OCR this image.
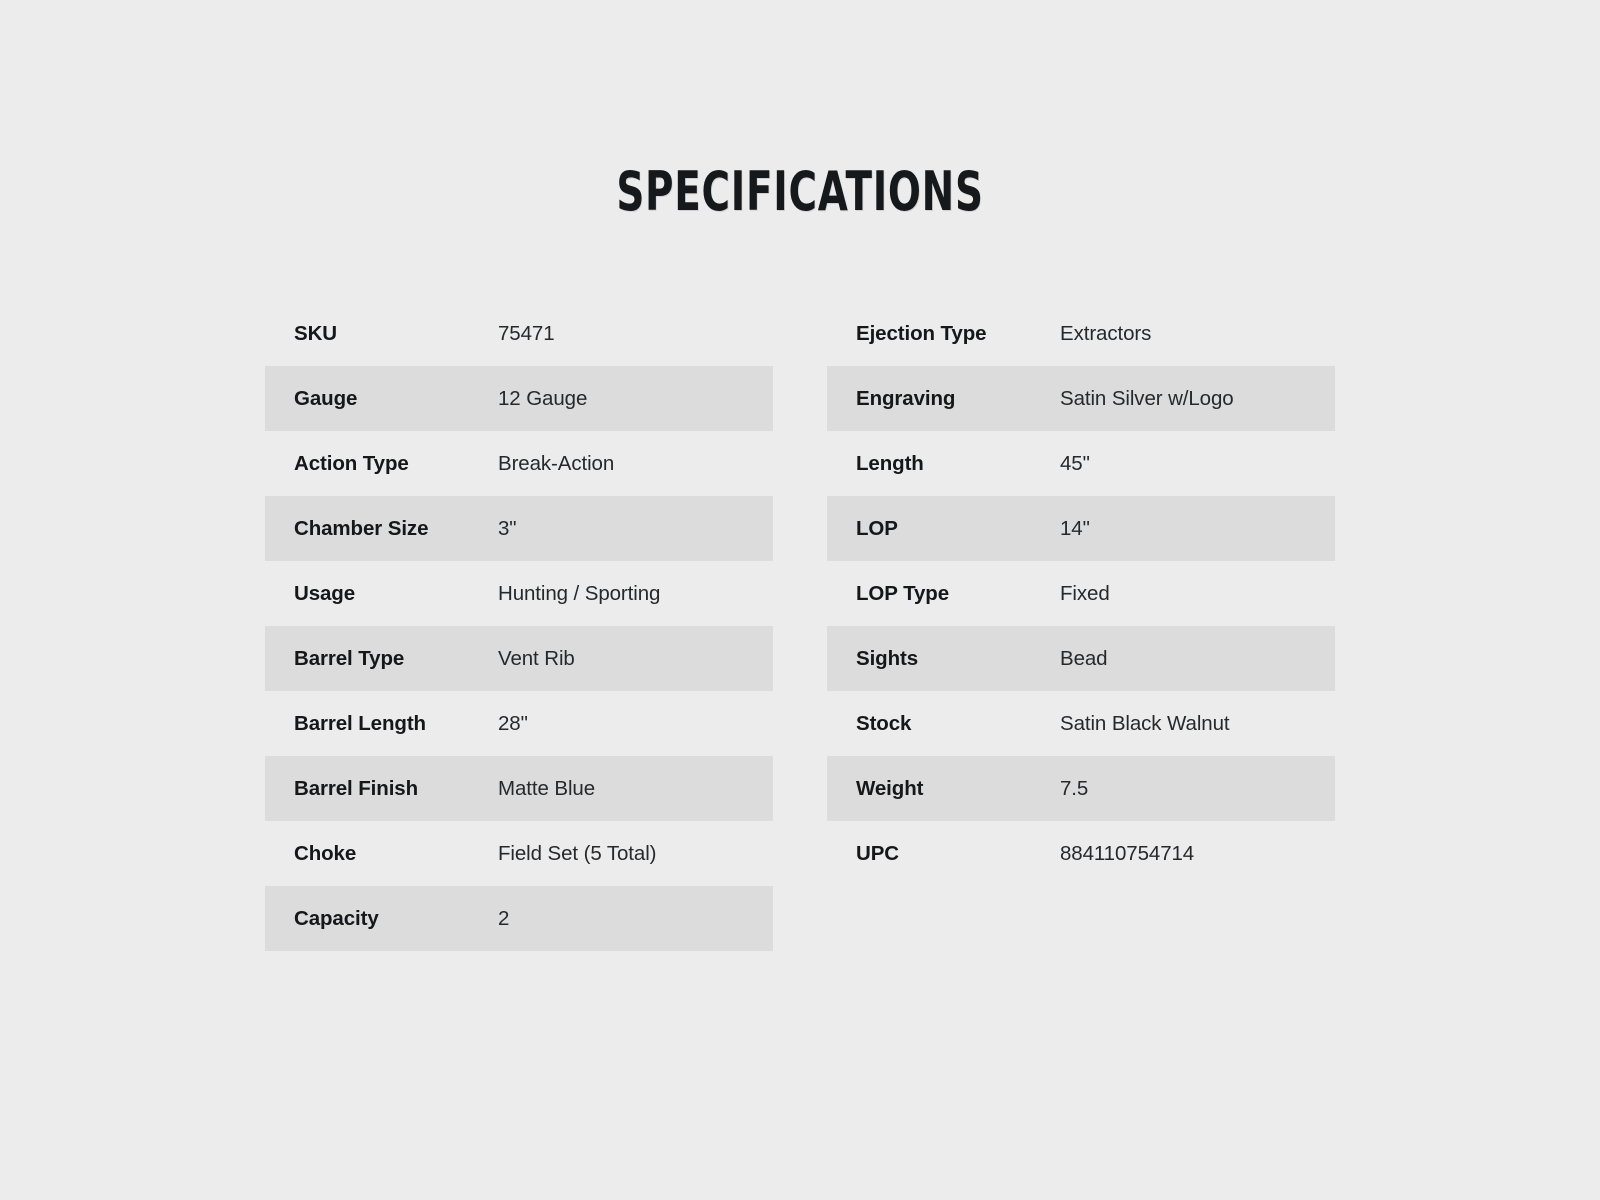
SPECIFICATIONS
SKU	75471
Gauge	12 Gauge
Action Type	Break-Action
Chamber Size	3"
Usage	Hunting / Sporting
Barrel Type	Vent Rib
Barrel Length	28"
Barrel Finish	Matte Blue
Choke	Field Set (5 Total)
Capacity	2
Ejection Type	Extractors
Engraving	Satin Silver w/Logo
Length	45"
LOP	14"
LOP Type	Fixed
Sights	Bead
Stock	Satin Black Walnut
Weight	7.5
UPC	884110754714
